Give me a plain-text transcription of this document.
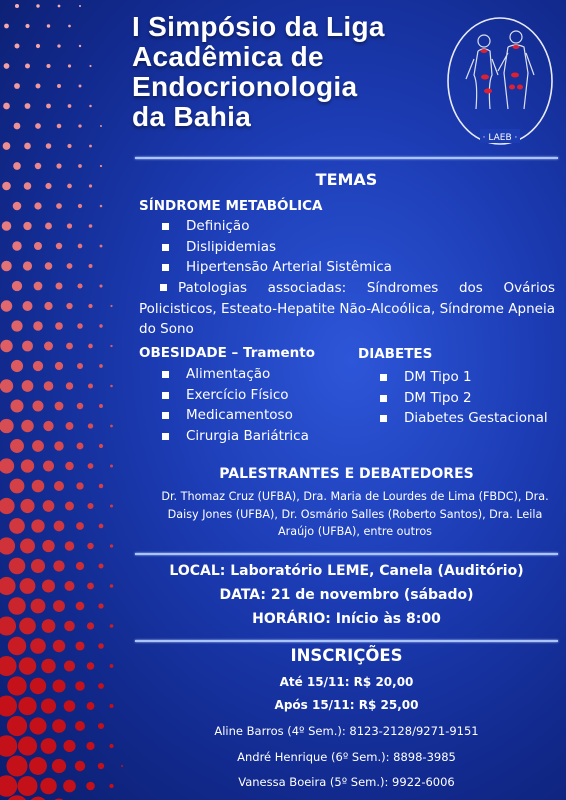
I Simpósio da Liga
Acadêmica de
Endocrionologia
da Bahia
· LAEB ·
TEMAS
SÍNDROME METABÓLICA
Definição
Dislipidemias
Hipertensão Arterial Sistêmica
Patologias associadas: Síndromes dos Ovários Policisticos, Esteato-Hepatite Não-Alcoólica, Síndrome Apneia do Sono
OBESIDADE – Tramento
Alimentação
Exercício Físico
Medicamentoso
Cirurgia Bariátrica
DIABETES
DM Tipo 1
DM Tipo 2
Diabetes Gestacional
PALESTRANTES E DEBATEDORES
Dr. Thomaz Cruz (UFBA), Dra. Maria de Lourdes de Lima (FBDC), Dra. Daisy Jones (UFBA), Dr. Osmário Salles (Roberto Santos), Dra. Leila Araújo (UFBA), entre outros
LOCAL: Laboratório LEME, Canela (Auditório)
DATA: 21 de novembro (sábado)
HORÁRIO: Início às 8:00
INSCRIÇÕES
Até 15/11: R$ 20,00
Após 15/11: R$ 25,00
Aline Barros (4º Sem.): 8123-2128/9271-9151
André Henrique (6º Sem.): 8898-3985
Vanessa Boeira (5º Sem.): 9922-6006
